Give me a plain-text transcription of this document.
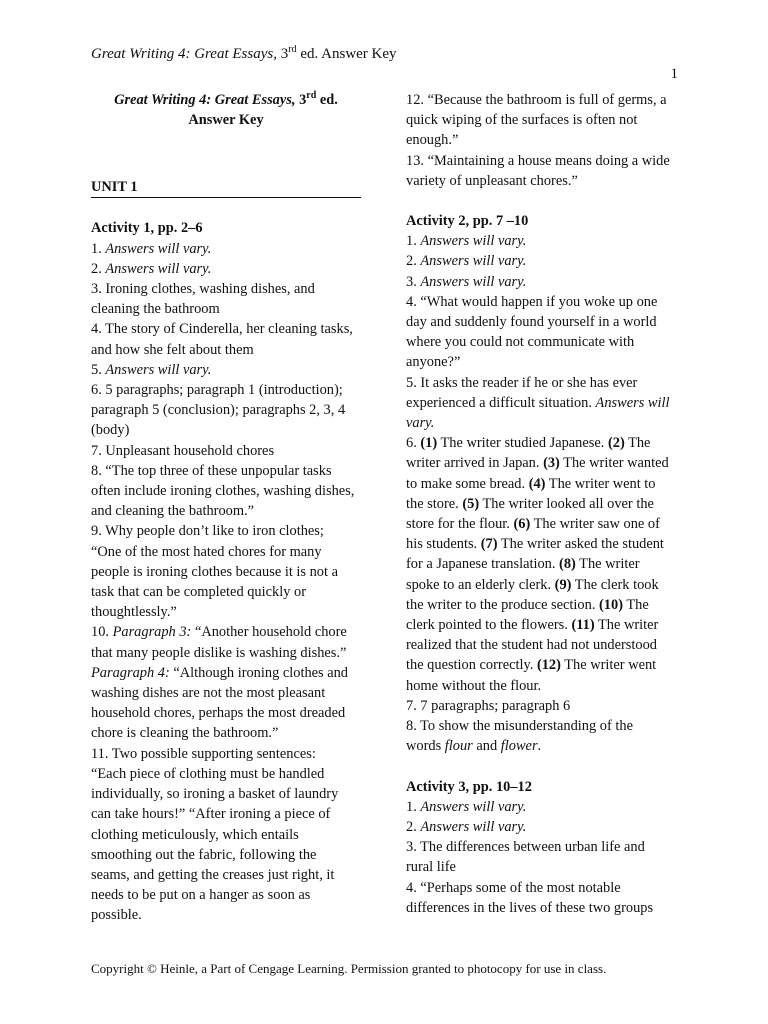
Great Writing 4: Great Essays, 3rd ed. Answer Key
1
Great Writing 4: Great Essays, 3rd ed.
Answer Key
UNIT 1
Activity 1, pp. 2–6
1. Answers will vary.
2. Answers will vary.
3. Ironing clothes, washing dishes, and
cleaning the bathroom
4. The story of Cinderella, her cleaning tasks,
and how she felt about them
5. Answers will vary.
6. 5 paragraphs; paragraph 1 (introduction);
paragraph 5 (conclusion); paragraphs 2, 3, 4
(body)
7. Unpleasant household chores
8. “The top three of these unpopular tasks
often include ironing clothes, washing dishes,
and cleaning the bathroom.”
9. Why people don’t like to iron clothes;
“One of the most hated chores for many
people is ironing clothes because it is not a
task that can be completed quickly or
thoughtlessly.”
10. Paragraph 3: “Another household chore
that many people dislike is washing dishes.”
Paragraph 4: “Although ironing clothes and
washing dishes are not the most pleasant
household chores, perhaps the most dreaded
chore is cleaning the bathroom.”
11. Two possible supporting sentences:
“Each piece of clothing must be handled
individually, so ironing a basket of laundry
can take hours!” “After ironing a piece of
clothing meticulously, which entails
smoothing out the fabric, following the
seams, and getting the creases just right, it
needs to be put on a hanger as soon as
possible.
12. “Because the bathroom is full of germs, a
quick wiping of the surfaces is often not
enough.”
13. “Maintaining a house means doing a wide
variety of unpleasant chores.”
Activity 2, pp. 7 –10
1. Answers will vary.
2. Answers will vary.
3. Answers will vary.
4. “What would happen if you woke up one
day and suddenly found yourself in a world
where you could not communicate with
anyone?”
5. It asks the reader if he or she has ever
experienced a difficult situation. Answers will
vary.
6. (1) The writer studied Japanese. (2) The
writer arrived in Japan. (3) The writer wanted
to make some bread. (4) The writer went to
the store. (5) The writer looked all over the
store for the flour. (6) The writer saw one of
his students. (7) The writer asked the student
for a Japanese translation. (8) The writer
spoke to an elderly clerk. (9) The clerk took
the writer to the produce section. (10) The
clerk pointed to the flowers. (11) The writer
realized that the student had not understood
the question correctly. (12) The writer went
home without the flour.
7. 7 paragraphs; paragraph 6
8. To show the misunderstanding of the
words flour and flower.
Activity 3, pp. 10–12
1. Answers will vary.
2. Answers will vary.
3. The differences between urban life and
rural life
4. “Perhaps some of the most notable
differences in the lives of these two groups
Copyright © Heinle, a Part of Cengage Learning. Permission granted to photocopy for use in class.
